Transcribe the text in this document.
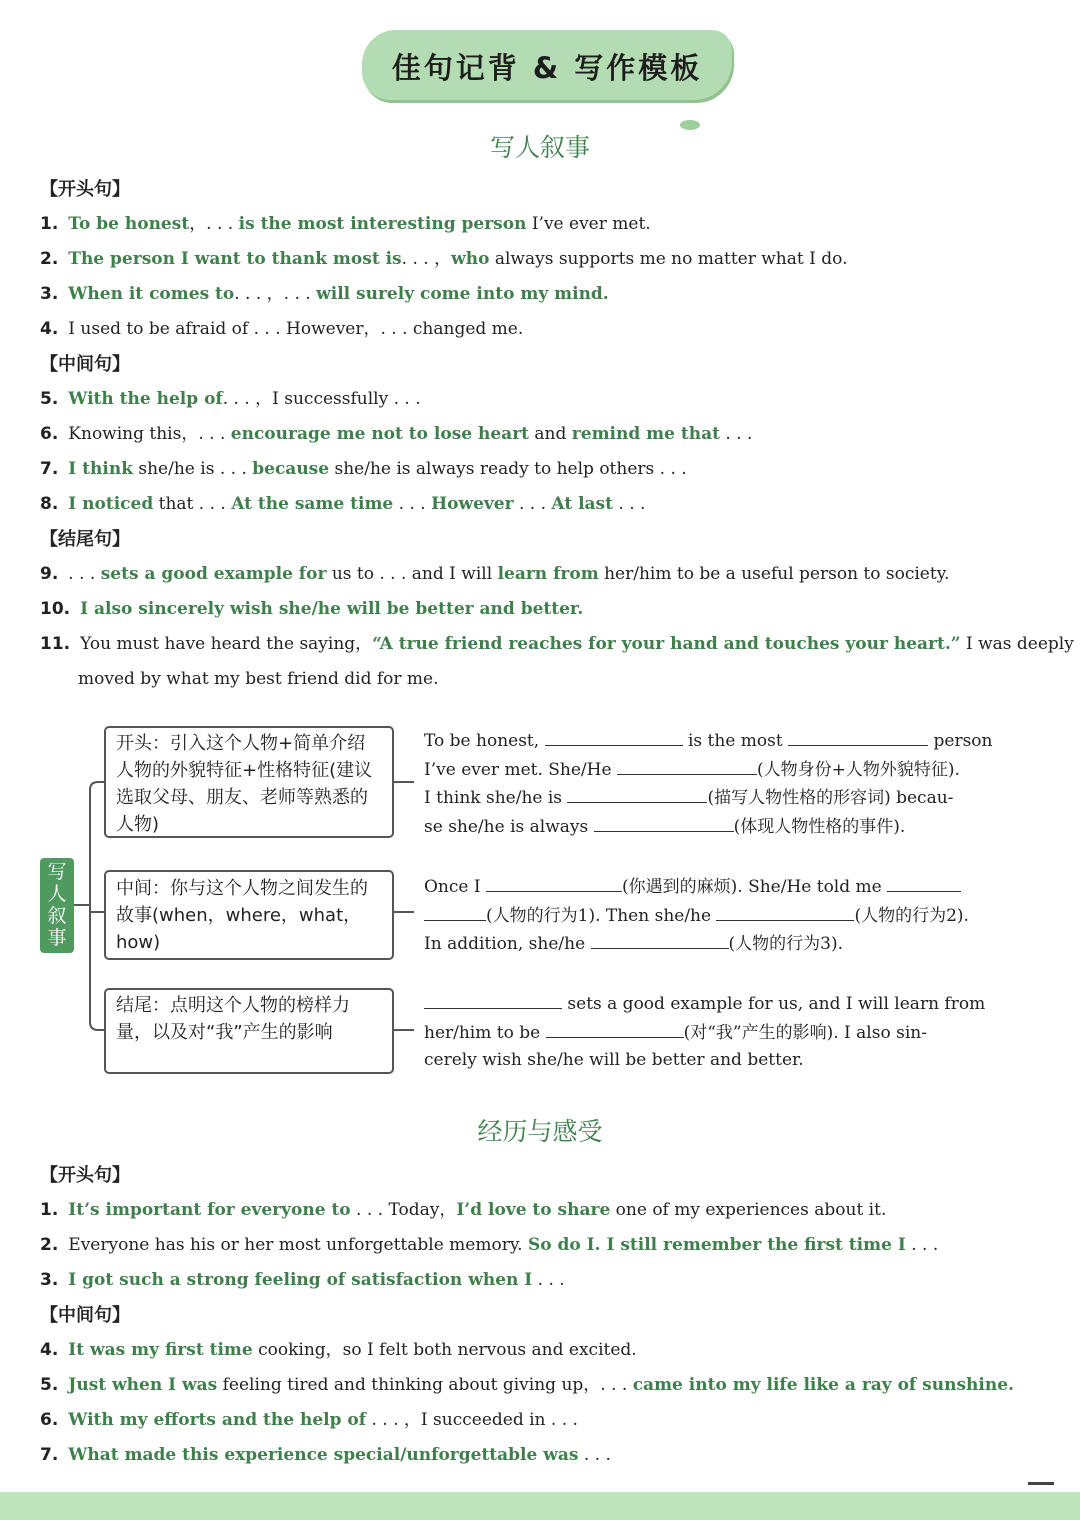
佳句记背 & 写作模板
写人叙事
【开头句】
1. To be honest，. . . is the most interesting person I’ve ever met.
2. The person I want to thank most is. . . ，who always supports me no matter what I do.
3. When it comes to. . . ，. . . will surely come into my mind.
4. I used to be afraid of . . . However，. . . changed me.
【中间句】
5. With the help of. . . ，I successfully . . .
6. Knowing this，. . . encourage me not to lose heart and remind me that . . .
7. I think she/he is . . . because she/he is always ready to help others . . .
8. I noticed that . . . At the same time . . . However . . . At last . . .
【结尾句】
9. . . . sets a good example for us to . . . and I will learn from her/him to be a useful person to society.
10. I also sincerely wish she/he will be better and better.
11. You must have heard the saying，“A true friend reaches for your hand and touches your heart.” I was deeply
moved by what my best friend did for me.
写人叙事
开头：引入这个人物+简单介绍人物的外貌特征+性格特征(建议选取父母、朋友、老师等熟悉的人物)
中间：你与这个人物之间发生的故事(when，where，what，how)
结尾：点明这个人物的榜样力量，以及对“我”产生的影响
To be honest,	is the most	person
I’ve ever met. She/He	(人物身份+人物外貌特征).
I think she/he is	(描写人物性格的形容词) becau-
se she/he is always	(体现人物性格的事件).
Once I	(你遇到的麻烦). She/He told me
(人物的行为1). Then she/he	(人物的行为2).
In addition, she/he	(人物的行为3).
sets a good example for us, and I will learn from
her/him to be	(对“我”产生的影响). I also sin-
cerely wish she/he will be better and better.
经历与感受
【开头句】
1. It’s important for everyone to . . . Today，I’d love to share one of my experiences about it.
2. Everyone has his or her most unforgettable memory. So do I. I still remember the first time I . . .
3. I got such a strong feeling of satisfaction when I . . .
【中间句】
4. It was my first time cooking，so I felt both nervous and excited.
5. Just when I was feeling tired and thinking about giving up，. . . came into my life like a ray of sunshine.
6. With my efforts and the help of . . . ，I succeeded in . . .
7. What made this experience special/unforgettable was . . .
